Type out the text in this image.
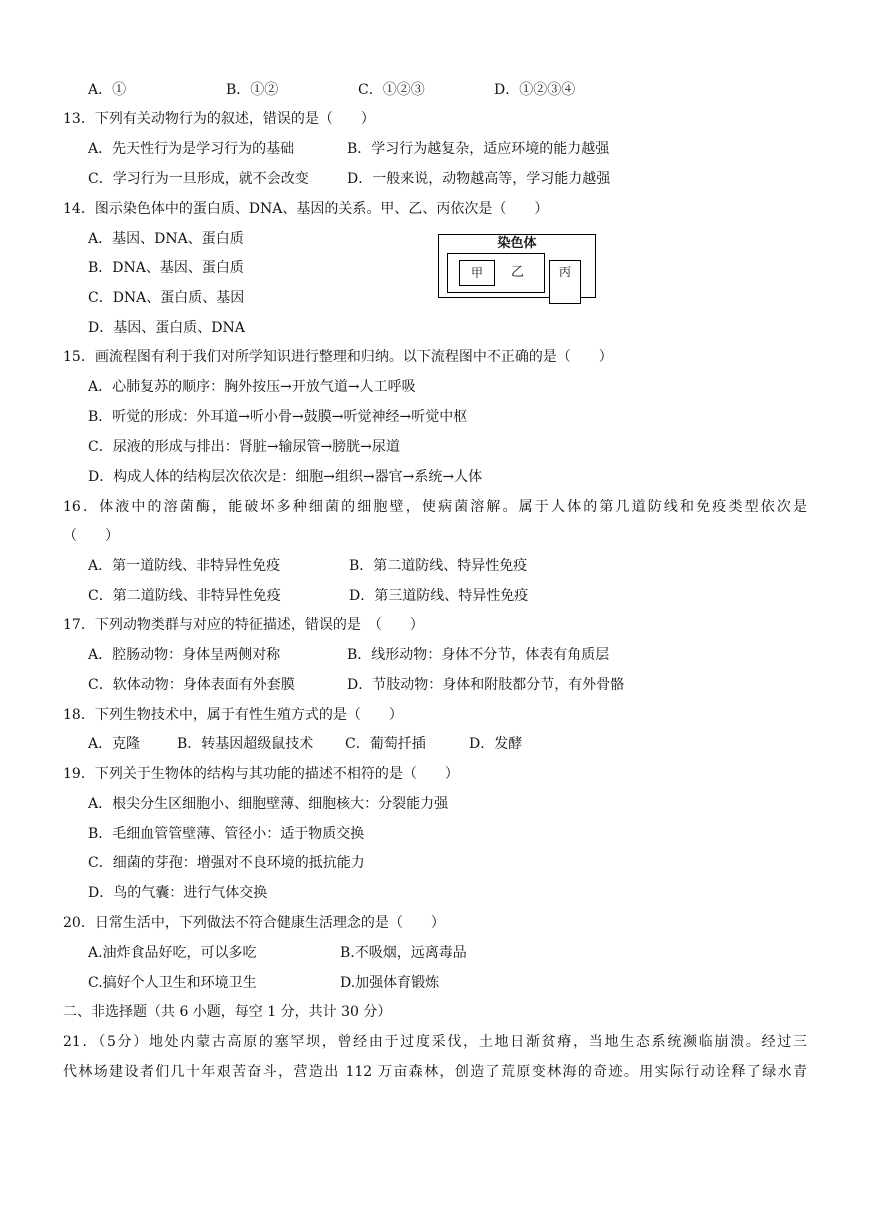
A．①	B．①②	C．①②③	D．①②③④
13．下列有关动物行为的叙述，错误的是（　　）
A．先天性行为是学习行为的基础	B．学习行为越复杂，适应环境的能力越强
C．学习行为一旦形成，就不会改变	D．一般来说，动物越高等，学习能力越强
14．图示染色体中的蛋白质、DNA、基因的关系。甲、乙、丙依次是（　　）
A．基因、DNA、蛋白质
B．DNA、基因、蛋白质
C．DNA、蛋白质、基因
D．基因、蛋白质、DNA
染色体
甲	乙	丙
15．画流程图有利于我们对所学知识进行整理和归纳。以下流程图中不正确的是（　　）
A．心肺复苏的顺序：胸外按压→开放气道→人工呼吸
B．听觉的形成：外耳道→听小骨→鼓膜→听觉神经→听觉中枢
C．尿液的形成与排出：肾脏→输尿管→膀胱→尿道
D．构成人体的结构层次依次是：细胞→组织→器官→系统→人体
16．体液中的溶菌酶，能破坏多种细菌的细胞壁，使病菌溶解。属于人体的第几道防线和免疫类型依次是
（　　）
A．第一道防线、非特异性免疫	B．第二道防线、特异性免疫
C．第二道防线、非特异性免疫	D．第三道防线、特异性免疫
17．下列动物类群与对应的特征描述，错误的是　（　　）
A．腔肠动物：身体呈两侧对称	B．线形动物：身体不分节，体表有角质层
C．软体动物：身体表面有外套膜	D．节肢动物：身体和附肢都分节，有外骨骼
18．下列生物技术中，属于有性生殖方式的是（　　）
A．克隆	B．转基因超级鼠技术 C．葡萄扦插	D．发酵
19．下列关于生物体的结构与其功能的描述不相符的是（　　）
A．根尖分生区细胞小、细胞壁薄、细胞核大：分裂能力强
B．毛细血管管壁薄、管径小：适于物质交换
C．细菌的芽孢：增强对不良环境的抵抗能力
D．鸟的气囊：进行气体交换
20．日常生活中，下列做法不符合健康生活理念的是（　　）
A.油炸食品好吃，可以多吃	B.不吸烟，远离毒品
C.搞好个人卫生和环境卫生	D.加强体育锻炼
二、非选择题（共 6 小题，每空 1 分，共计 30 分）
21．（5分）地处内蒙古高原的塞罕坝，曾经由于过度采伐，土地日渐贫瘠，当地生态系统濒临崩溃。经过三
代林场建设者们几十年艰苦奋斗，营造出 112 万亩森林，创造了荒原变林海的奇迹。用实际行动诠释了绿水青
